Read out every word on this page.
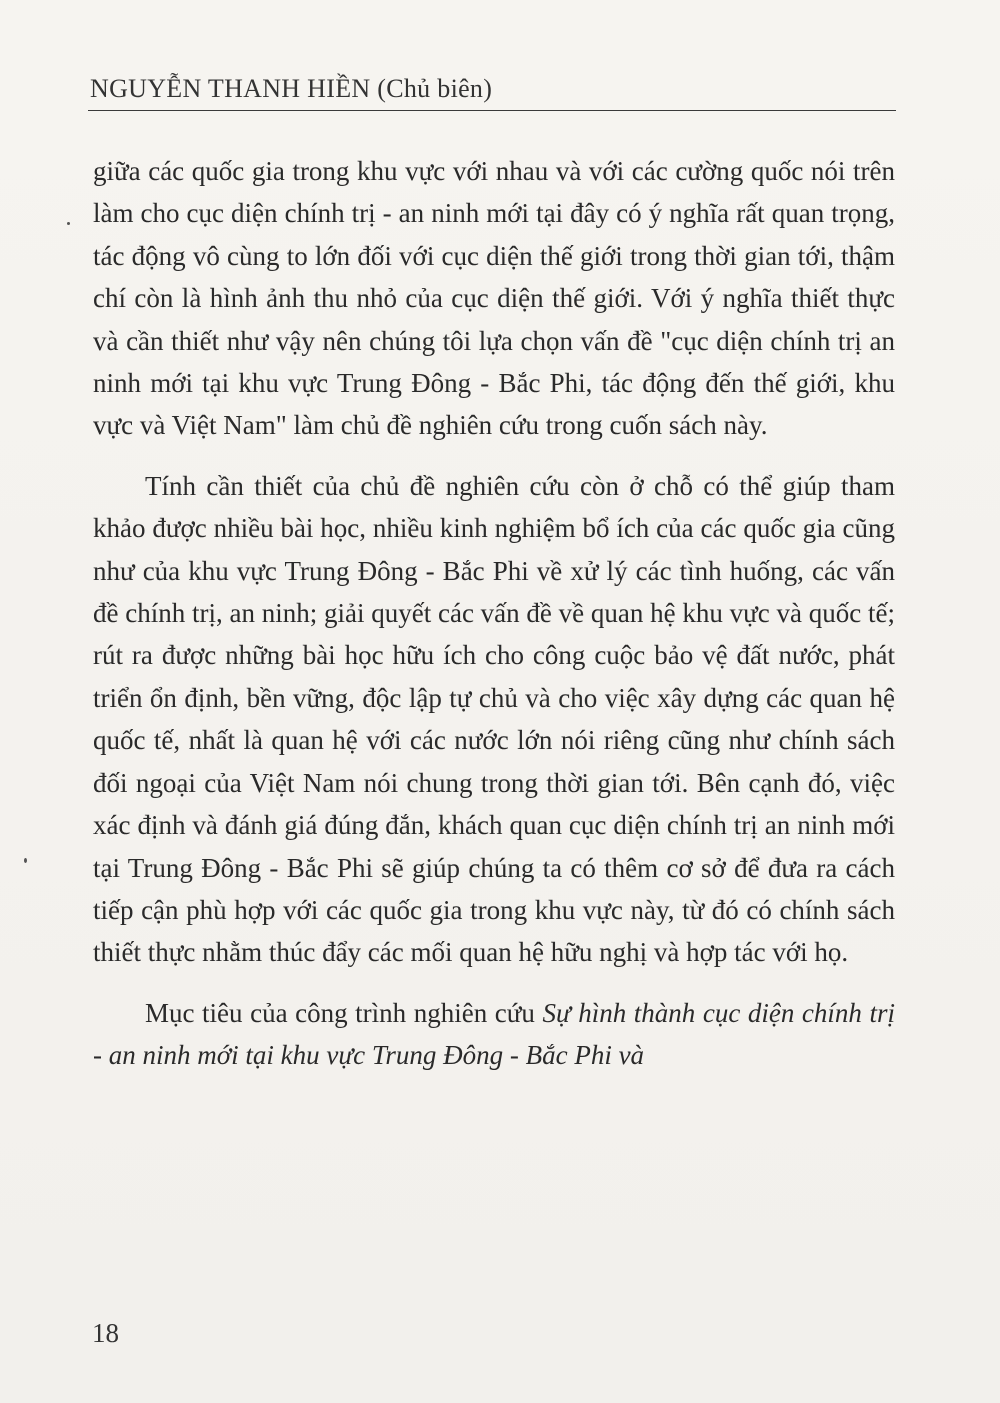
NGUYỄN THANH HIỀN (Chủ biên)

giữa các quốc gia trong khu vực với nhau và với các cường quốc nói trên làm cho cục diện chính trị - an ninh mới tại đây có ý nghĩa rất quan trọng, tác động vô cùng to lớn đối với cục diện thế giới trong thời gian tới, thậm chí còn là hình ảnh thu nhỏ của cục diện thế giới. Với ý nghĩa thiết thực và cần thiết như vậy nên chúng tôi lựa chọn vấn đề "cục diện chính trị an ninh mới tại khu vực Trung Đông - Bắc Phi, tác động đến thế giới, khu vực và Việt Nam" làm chủ đề nghiên cứu trong cuốn sách này.

Tính cần thiết của chủ đề nghiên cứu còn ở chỗ có thể giúp tham khảo được nhiều bài học, nhiều kinh nghiệm bổ ích của các quốc gia cũng như của khu vực Trung Đông - Bắc Phi về xử lý các tình huống, các vấn đề chính trị, an ninh; giải quyết các vấn đề về quan hệ khu vực và quốc tế; rút ra được những bài học hữu ích cho công cuộc bảo vệ đất nước, phát triển ổn định, bền vững, độc lập tự chủ và cho việc xây dựng các quan hệ quốc tế, nhất là quan hệ với các nước lớn nói riêng cũng như chính sách đối ngoại của Việt Nam nói chung trong thời gian tới. Bên cạnh đó, việc xác định và đánh giá đúng đắn, khách quan cục diện chính trị an ninh mới tại Trung Đông - Bắc Phi sẽ giúp chúng ta có thêm cơ sở để đưa ra cách tiếp cận phù hợp với các quốc gia trong khu vực này, từ đó có chính sách thiết thực nhằm thúc đẩy các mối quan hệ hữu nghị và hợp tác với họ.

Mục tiêu của công trình nghiên cứu Sự hình thành cục diện chính trị - an ninh mới tại khu vực Trung Đông - Bắc Phi và

18
